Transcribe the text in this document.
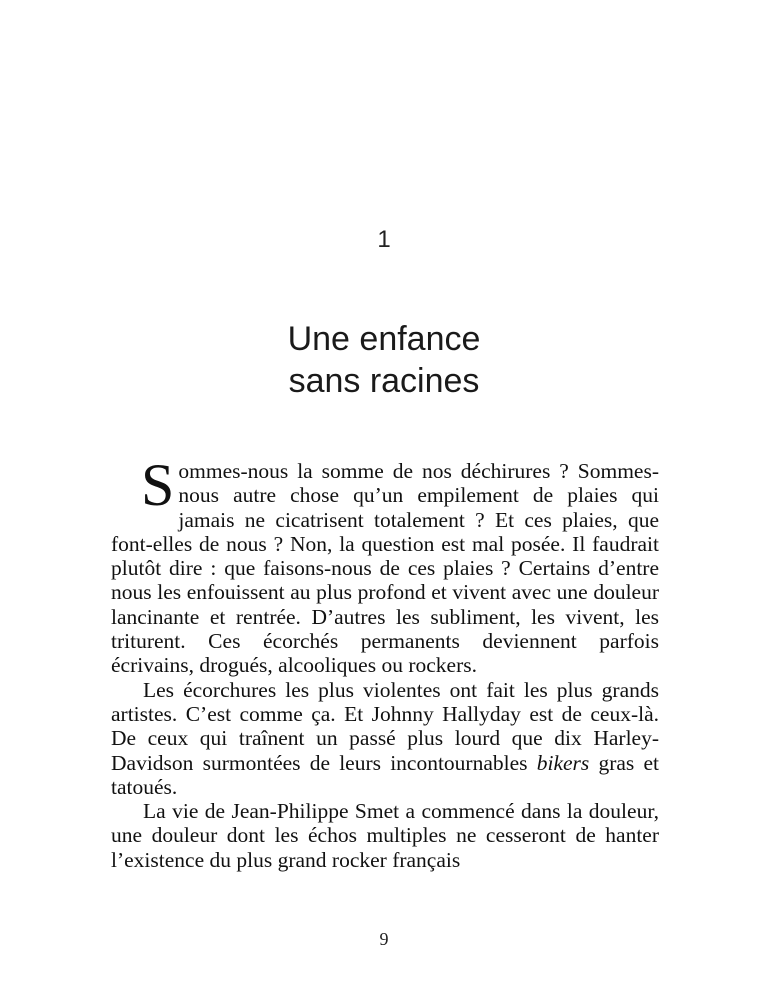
1
Une enfance
sans racines

Sommes-nous la somme de nos déchirures ? Sommes-nous autre chose qu’un empilement de plaies qui jamais ne cicatrisent totalement ? Et ces plaies, que font-elles de nous ? Non, la question est mal posée. Il faudrait plutôt dire : que faisons-nous de ces plaies ? Certains d’entre nous les enfouissent au plus profond et vivent avec une douleur lancinante et rentrée. D’autres les subliment, les vivent, les triturent. Ces écorchés permanents deviennent parfois écrivains, drogués, alcooliques ou rockers.

Les écorchures les plus violentes ont fait les plus grands artistes. C’est comme ça. Et Johnny Hallyday est de ceux-là. De ceux qui traînent un passé plus lourd que dix Harley-Davidson surmontées de leurs incontournables bikers gras et tatoués.

La vie de Jean-Philippe Smet a commencé dans la douleur, une douleur dont les échos multiples ne cesseront de hanter l’existence du plus grand rocker français

9
